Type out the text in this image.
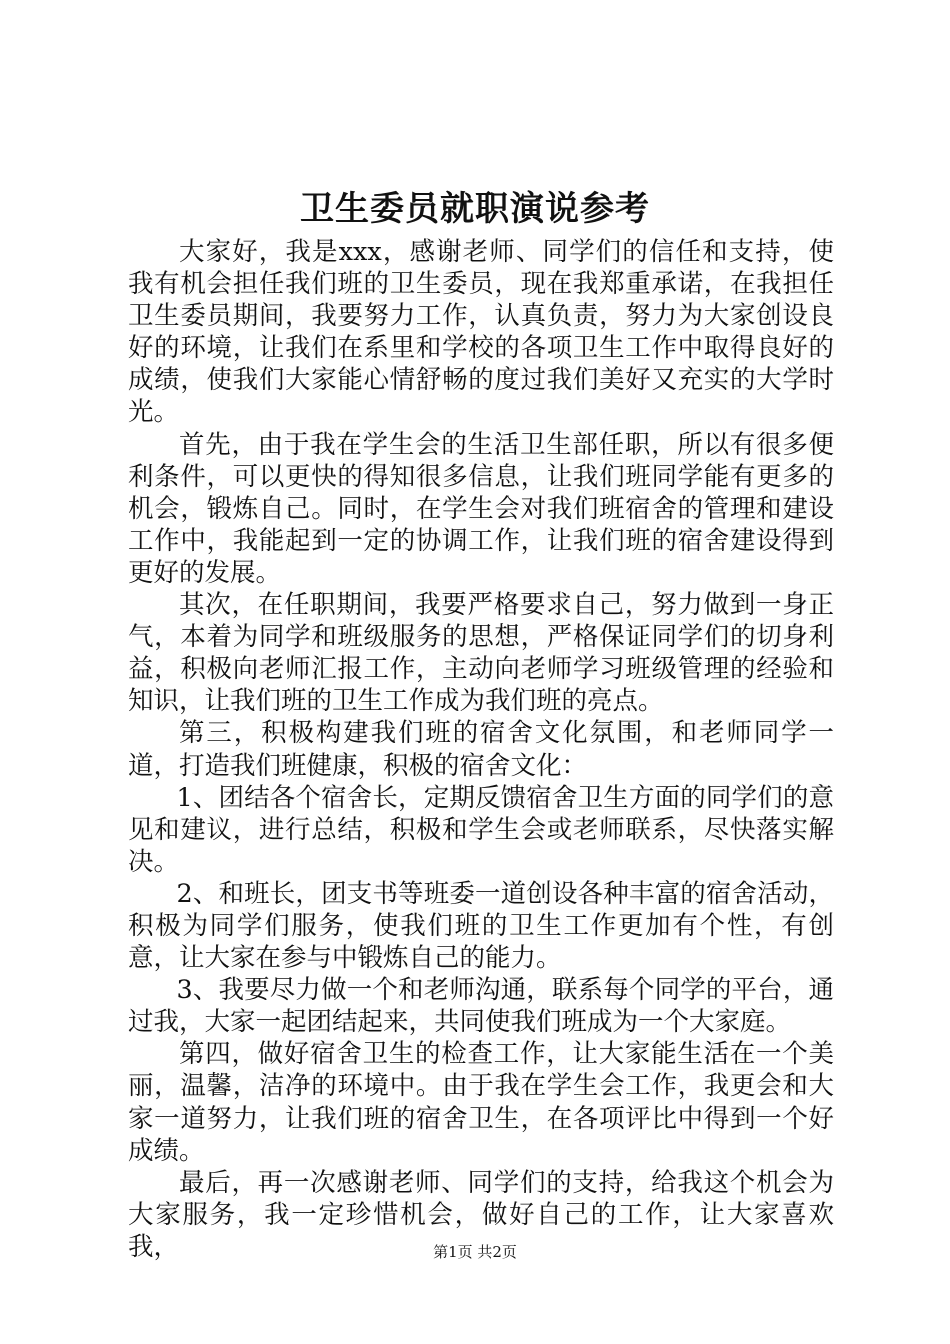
卫生委员就职演说参考

大家好，我是xxx，感谢老师、同学们的信任和支持，使我有机会担任我们班的卫生委员，现在我郑重承诺，在我担任卫生委员期间，我要努力工作，认真负责，努力为大家创设良好的环境，让我们在系里和学校的各项卫生工作中取得良好的成绩，使我们大家能心情舒畅的度过我们美好又充实的大学时光。

首先，由于我在学生会的生活卫生部任职，所以有很多便利条件，可以更快的得知很多信息，让我们班同学能有更多的机会，锻炼自己。同时，在学生会对我们班宿舍的管理和建设工作中，我能起到一定的协调工作，让我们班的宿舍建设得到更好的发展。

其次，在任职期间，我要严格要求自己，努力做到一身正气，本着为同学和班级服务的思想，严格保证同学们的切身利益，积极向老师汇报工作，主动向老师学习班级管理的经验和知识，让我们班的卫生工作成为我们班的亮点。

第三，积极构建我们班的宿舍文化氛围，和老师同学一道，打造我们班健康，积极的宿舍文化：

1、团结各个宿舍长，定期反馈宿舍卫生方面的同学们的意见和建议，进行总结，积极和学生会或老师联系，尽快落实解决。

2、和班长，团支书等班委一道创设各种丰富的宿舍活动，积极为同学们服务，使我们班的卫生工作更加有个性，有创意，让大家在参与中锻炼自己的能力。

3、我要尽力做一个和老师沟通，联系每个同学的平台，通过我，大家一起团结起来，共同使我们班成为一个大家庭。

第四，做好宿舍卫生的检查工作，让大家能生活在一个美丽，温馨，洁净的环境中。由于我在学生会工作，我更会和大家一道努力，让我们班的宿舍卫生，在各项评比中得到一个好成绩。

最后，再一次感谢老师、同学们的支持，给我这个机会为大家服务，我一定珍惜机会，做好自己的工作，让大家喜欢我，	第1页 共2页
